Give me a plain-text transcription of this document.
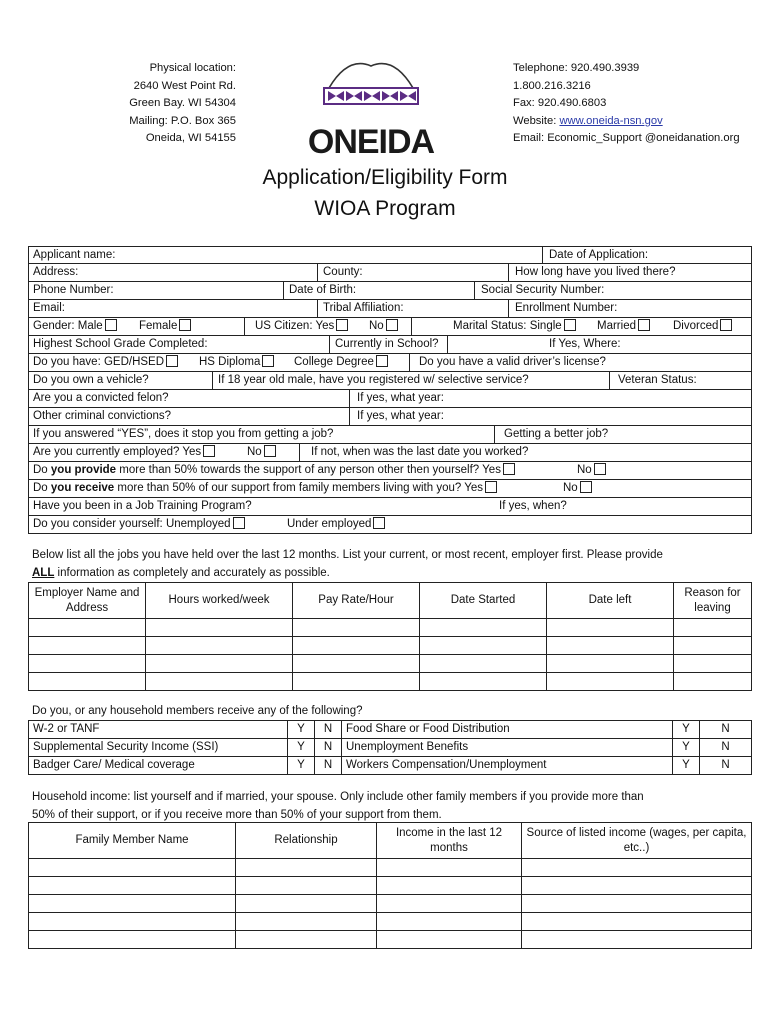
Physical location:
2640 West Point Rd.
Green Bay. WI 54304
Mailing: P.O. Box 365
Oneida, WI 54155 ONEIDA
Telephone: 920.490.3939
1.800.216.3216
Fax: 920.490.6803
Website: www.oneida-nsn.gov
Email: Economic_Support @oneidanation.org
Application/Eligibility Form
WIOA Program
Applicant name:	Date of Application:
Address:	County:	How long have you lived there?
Phone Number:	Date of Birth:	Social Security Number:
Email:	Tribal Affiliation:	Enrollment Number:
Gender: Male	Female	US Citizen: Yes	No	Marital Status: Single	Married	Divorced
Highest School Grade Completed:	Currently in School?	If Yes, Where:
Do you have: GED/HSED	HS Diploma	College Degree	Do you have a valid driver’s license?
Do you own a vehicle?	If 18 year old male, have you registered w/ selective service?	Veteran Status:
Are you a convicted felon?	If yes, what year:
Other criminal convictions?	If yes, what year:
If you answered “YES”, does it stop you from getting a job?	Getting a better job?
Are you currently employed? Yes	No	If not, when was the last date you worked?
Do you provide more than 50% towards the support of any person other then yourself? Yes	No
Do you receive more than 50% of our support from family members living with you? Yes	No
Have you been in a Job Training Program?	If yes, when?
Do you consider yourself: Unemployed	Under employed
Below list all the jobs you have held over the last 12 months. List your current, or most recent, employer first. Please provide
ALL information as completely and accurately as possible.
Employer Name and Address	Hours worked/week	Pay Rate/Hour	Date Started	Date left	Reason for leaving

Do you, or any household members receive any of the following?
W-2 or TANF	Y	N	Food Share or Food Distribution	Y	N
Supplemental Security Income (SSI)	Y	N	Unemployment Benefits	Y	N
Badger Care/ Medical coverage	Y	N	Workers Compensation/Unemployment	Y	N
Household income: list yourself and if married, your spouse. Only include other family members if you provide more than
50% of their support, or if you receive more than 50% of your support from them.
Family Member Name	Relationship	Income in the last 12 months	Source of listed income (wages, per capita, etc..)
